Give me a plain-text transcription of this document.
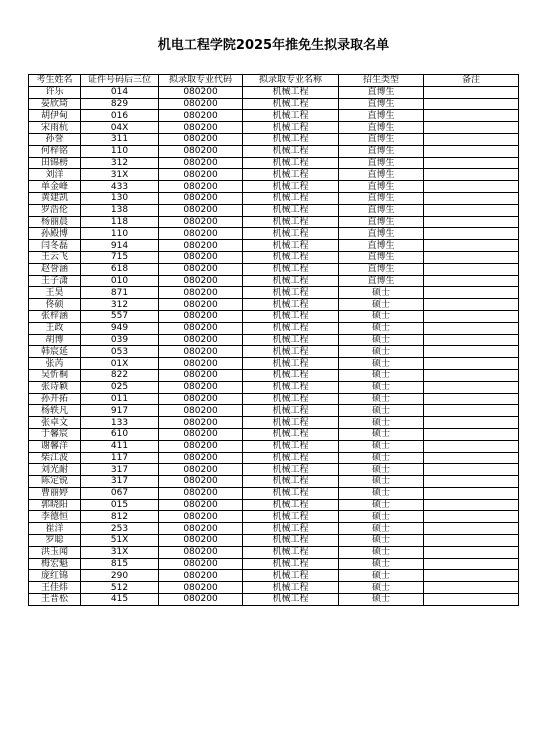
机电工程学院2025年推免生拟录取名单
考生姓名	证件号码后三位	拟录取专业代码	拟录取专业名称	招生类型	备注
许乐	014	080200	机械工程	直博生	
晏欣琦	829	080200	机械工程	直博生	
胡伊甸	016	080200	机械工程	直博生	
宋雨杭	04X	080200	机械工程	直博生	
孙誉	311	080200	机械工程	直博生	
何梓铭	110	080200	机械工程	直博生	
田锦榜	312	080200	机械工程	直博生	
刘洋	31X	080200	机械工程	直博生	
单金峰	433	080200	机械工程	直博生	
黄建凯	130	080200	机械工程	直博生	
罗浩伦	138	080200	机械工程	直博生	
杨丽晨	118	080200	机械工程	直博生	
孙殿博	110	080200	机械工程	直博生	
闫冬磊	914	080200	机械工程	直博生	
王云飞	715	080200	机械工程	直博生	
赵誉涵	618	080200	机械工程	直博生	
王子潇	010	080200	机械工程	直博生	
王昊	871	080200	机械工程	硕士	
佟硕	312	080200	机械工程	硕士	
张梓涵	557	080200	机械工程	硕士	
王政	949	080200	机械工程	硕士	
胡博	039	080200	机械工程	硕士	
韩宸延	053	080200	机械工程	硕士	
张芮	01X	080200	机械工程	硕士	
吴忻桐	822	080200	机械工程	硕士	
张诗颖	025	080200	机械工程	硕士	
孙开拓	011	080200	机械工程	硕士	
杨轶凡	917	080200	机械工程	硕士	
张卓文	133	080200	机械工程	硕士	
于馨宸	610	080200	机械工程	硕士	
谢馨洋	411	080200	机械工程	硕士	
柴江波	117	080200	机械工程	硕士	
刘光耐	317	080200	机械工程	硕士	
陈定锐	317	080200	机械工程	硕士	
曹丽婷	067	080200	机械工程	硕士	
郭晓阳	015	080200	机械工程	硕士	
李德恒	812	080200	机械工程	硕士	
崔洋	253	080200	机械工程	硕士	
罗聪	51X	080200	机械工程	硕士	
洪玉闻	31X	080200	机械工程	硕士	
梅宏魁	815	080200	机械工程	硕士	
庞红锦	290	080200	机械工程	硕士	
王佳炜	512	080200	机械工程	硕士	
王晋松	415	080200	机械工程	硕士	
